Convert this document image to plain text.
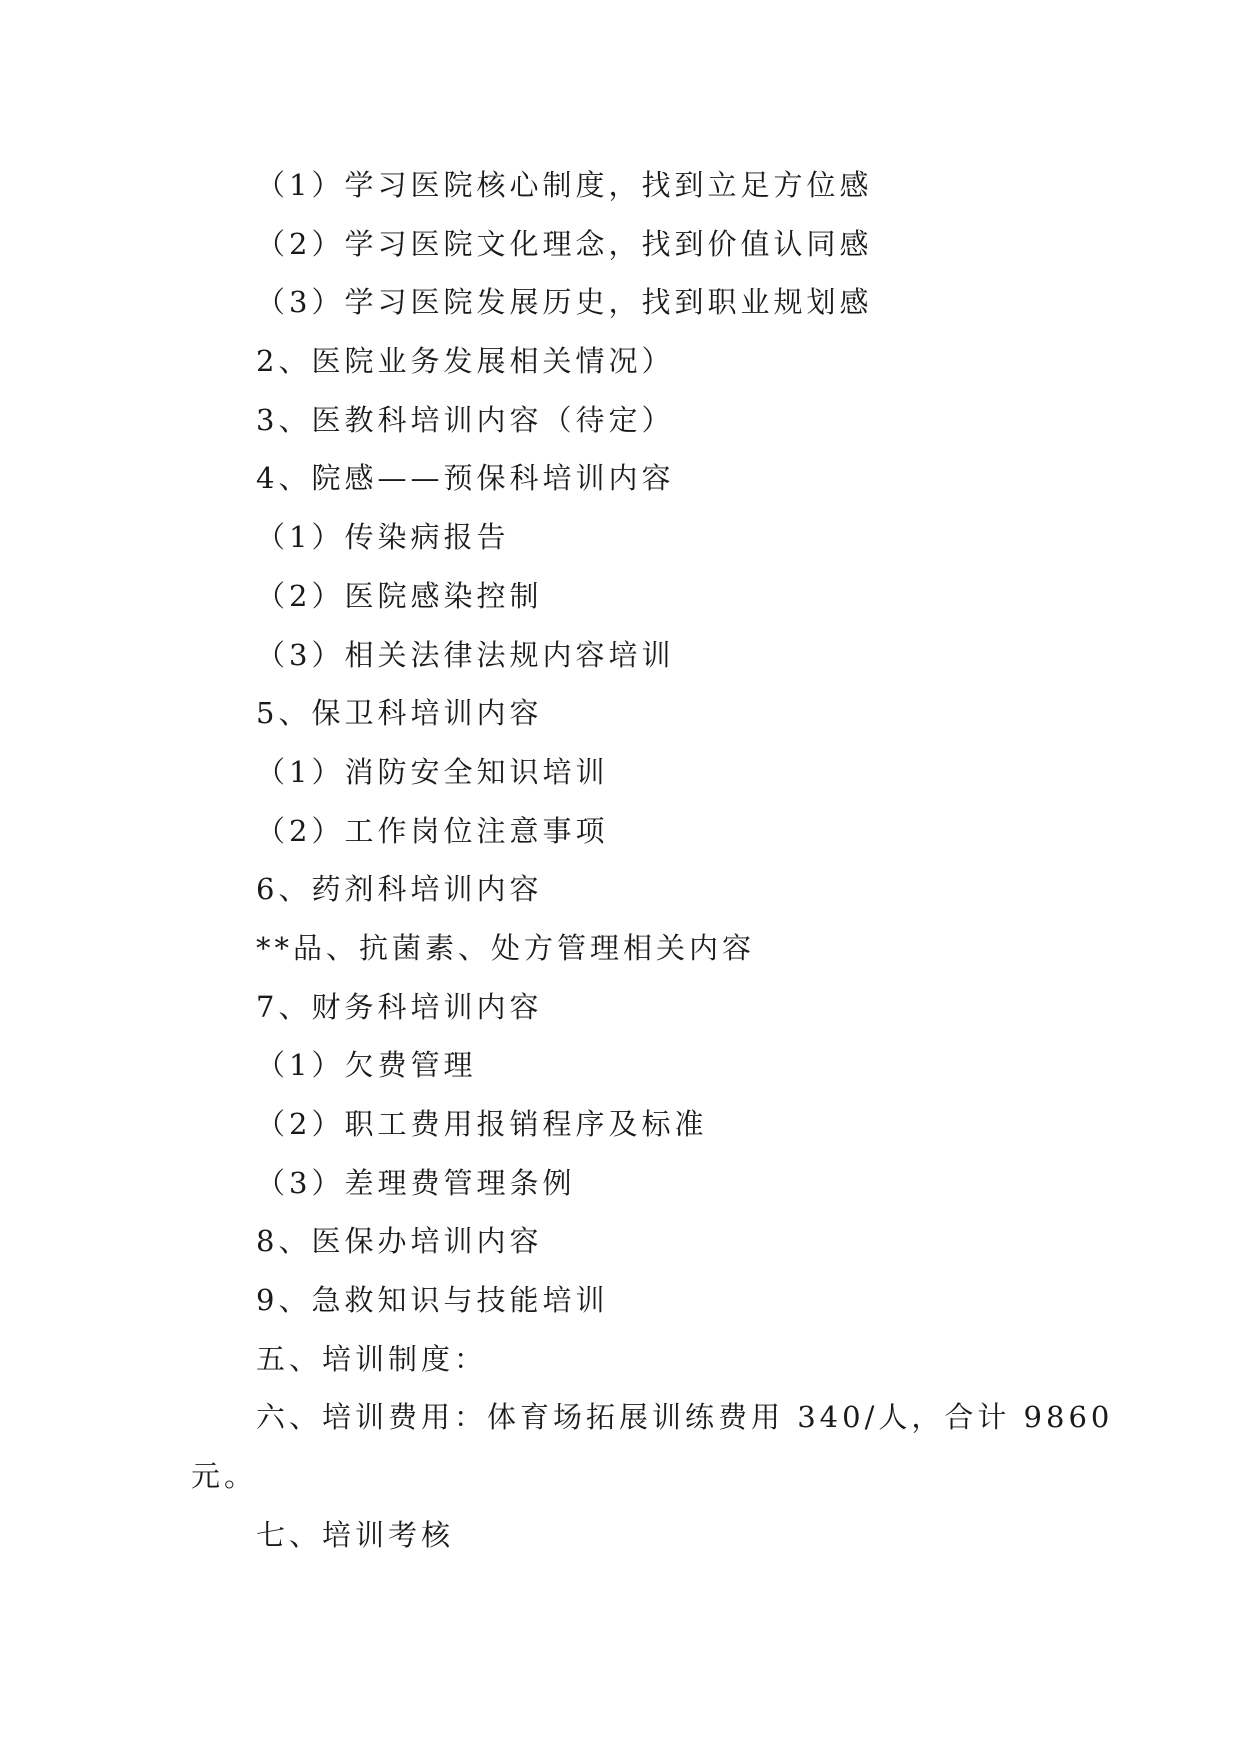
（1）学习医院核心制度，找到立足方位感
（2）学习医院文化理念，找到价值认同感
（3）学习医院发展历史，找到职业规划感
2、医院业务发展相关情况）
3、医教科培训内容（待定）
4、院感——预保科培训内容
（1）传染病报告
（2）医院感染控制
（3）相关法律法规内容培训
5、保卫科培训内容
（1）消防安全知识培训
（2）工作岗位注意事项
6、药剂科培训内容
**品、抗菌素、处方管理相关内容
7、财务科培训内容
（1）欠费管理
（2）职工费用报销程序及标准
（3）差理费管理条例
8、医保办培训内容
9、急救知识与技能培训
五、培训制度：
六、培训费用：体育场拓展训练费用 340/人，合计 9860
元。
七、培训考核
